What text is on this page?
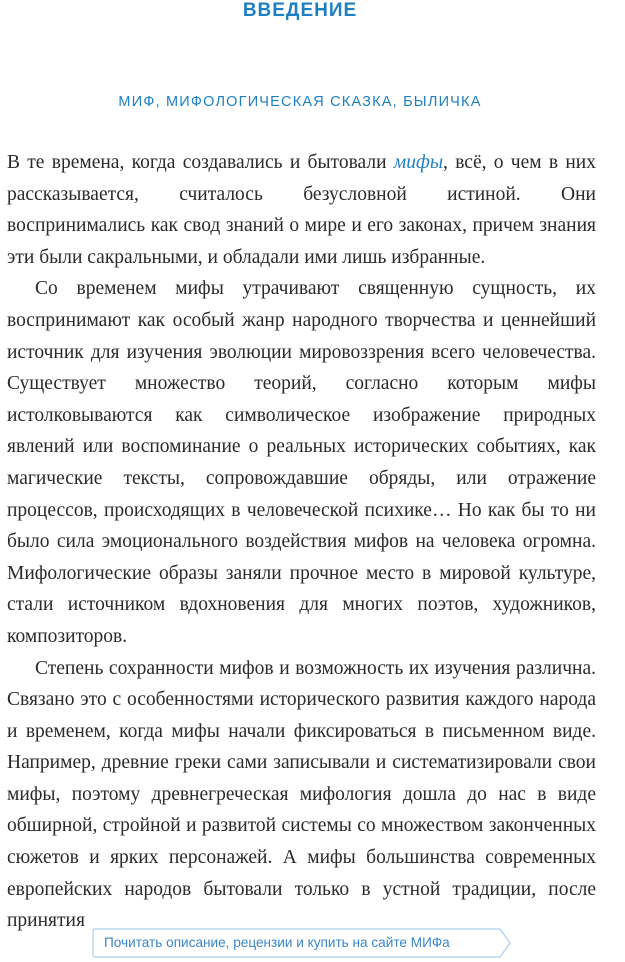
ВВЕДЕНИЕ
МИФ, МИФОЛОГИЧЕСКАЯ СКАЗКА, БЫЛИЧКА

В те времена, когда создавались и бытовали мифы, всё, о чем в них рассказывается, считалось безусловной истиной. Они воспринимались как свод знаний о мире и его законах, причем знания эти были сакральными, и обладали ими лишь избранные.

Со временем мифы утрачивают священную сущность, их воспринимают как особый жанр народного творчества и ценнейший источник для изучения эволюции мировоззрения всего человечества. Существует множество теорий, согласно которым мифы истолковываются как символическое изображение природных явлений или воспоминание о реальных исторических событиях, как магические тексты, сопровождавшие обряды, или отражение процессов, происходящих в человеческой психике… Но как бы то ни было сила эмоционального воздействия мифов на человека огромна. Мифологические образы заняли прочное место в мировой культуре, стали источником вдохновения для многих поэтов, художников, композиторов.

Степень сохранности мифов и возможность их изучения различна. Связано это с особенностями исторического развития каждого народа и временем, когда мифы начали фиксироваться в письменном виде. Например, древние греки сами записывали и систематизировали свои мифы, поэтому древнегреческая мифология дошла до нас в виде обширной, стройной и развитой системы со множеством законченных сюжетов и ярких персонажей. А мифы большинства современных европейских народов бытовали только в устной традиции, после принятия

Почитать описание, рецензии и купить на сайте МИФа
